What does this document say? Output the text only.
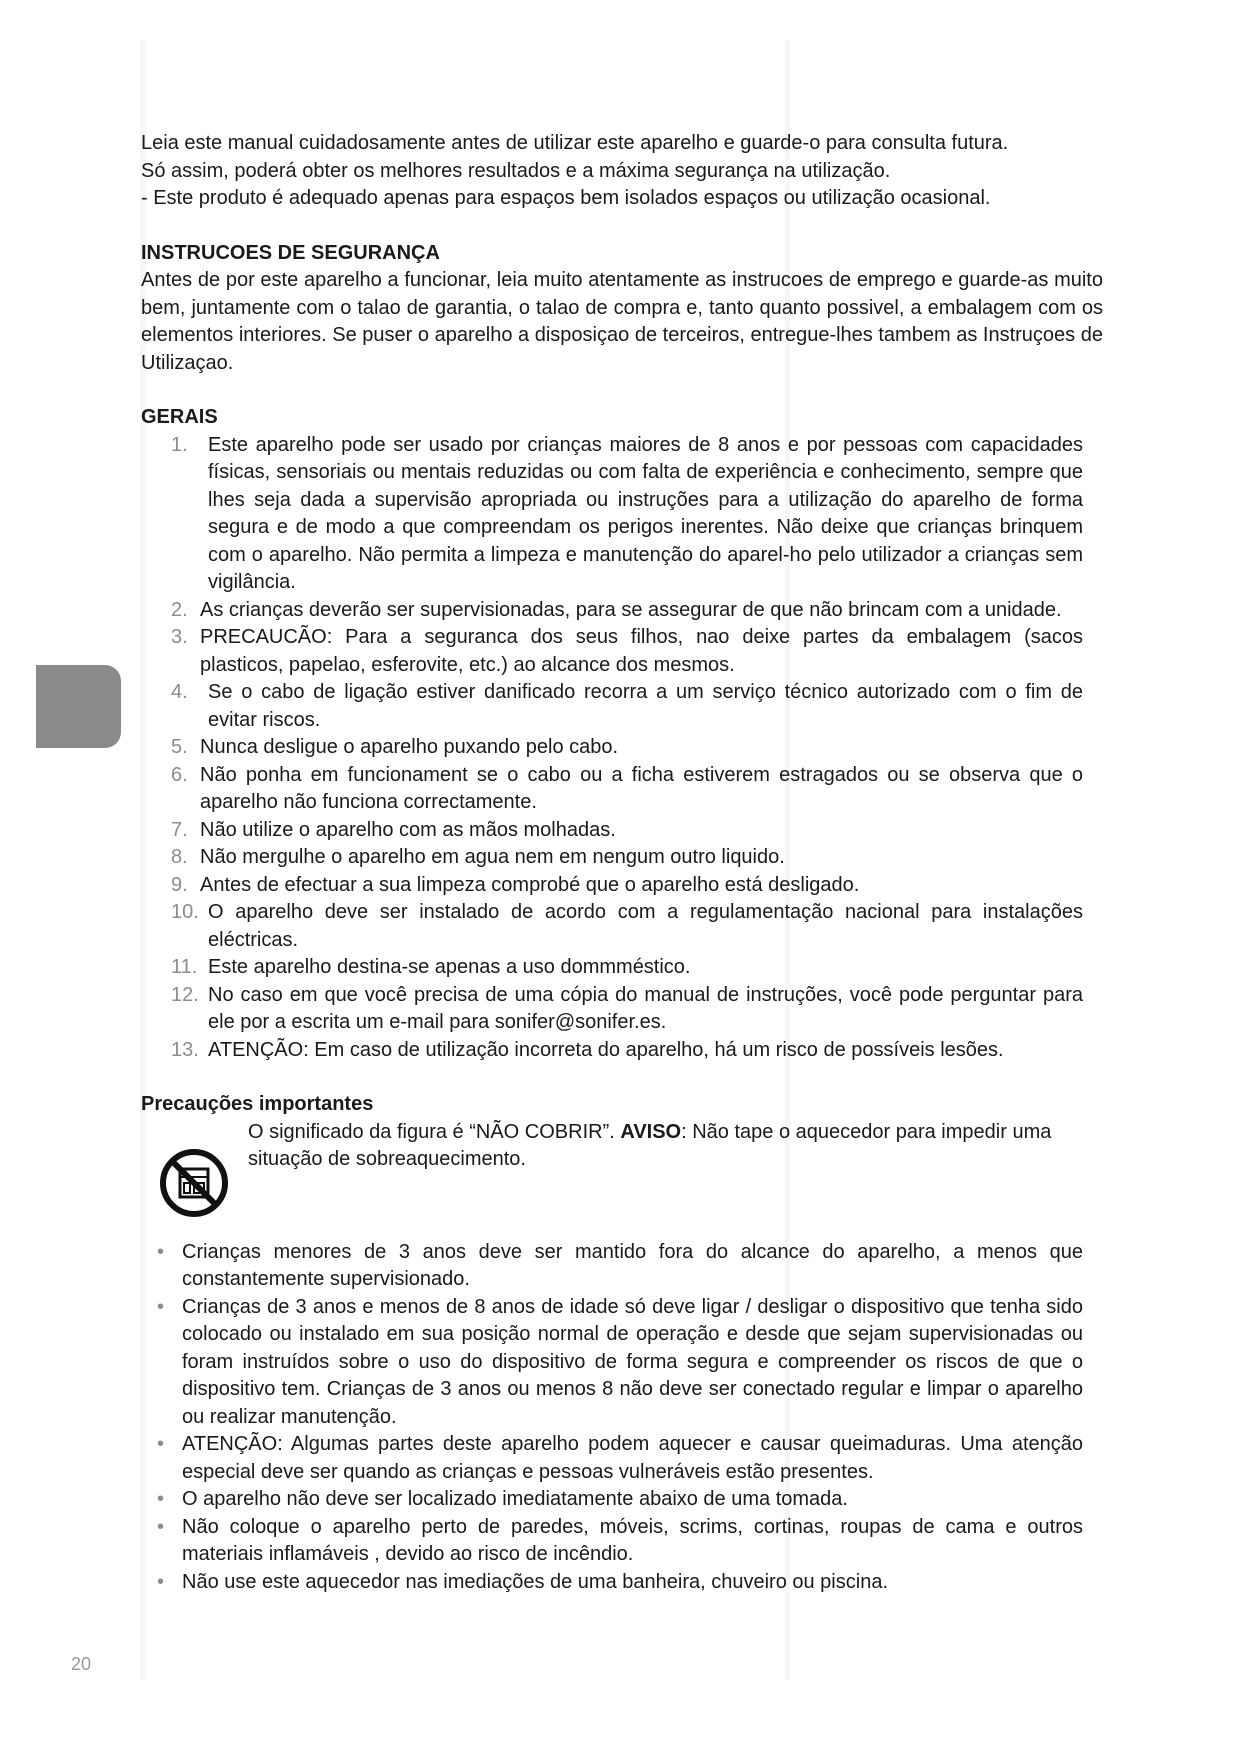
Leia este manual cuidadosamente antes de utilizar este aparelho e guarde-o para consulta futura.

Só assim, poderá obter os melhores resultados e a máxima segurança na utilização.

- Este produto é adequado apenas para espaços bem isolados espaços ou utilização ocasional.

INSTRUCOES DE SEGURANÇA

Antes de por este aparelho a funcionar, leia muito atentamente as instrucoes de emprego e guarde-as muito bem, juntamente com o talao de garantia, o talao de compra e, tanto quanto possivel, a embalagem com os elementos interiores. Se puser o aparelho a disposiçao de terceiros, entregue-lhes tambem as Instruçoes de Utilizaçao.

GERAIS

1. Este aparelho pode ser usado por crianças maiores de 8 anos e por pessoas com capacidades físicas, sensoriais ou mentais reduzidas ou com falta de experiência e conhecimento, sempre que lhes seja dada a supervisão apropriada ou instruções para a utilização do aparelho de forma segura e de modo a que compreendam os perigos inerentes. Não deixe que crianças brinquem com o aparelho. Não permita a limpeza e manutenção do aparel-ho pelo utilizador a crianças sem vigilância.
2. As crianças deverão ser supervisionadas, para se assegurar de que não brincam com a unidade.
3. PRECAUCÃO: Para a seguranca dos seus filhos, nao deixe partes da embalagem (sacos plasticos, papelao, esferovite, etc.) ao alcance dos mesmos.
4. Se o cabo de ligação estiver danificado recorra a um serviço técnico autorizado com o fim de evitar riscos.
5. Nunca desligue o aparelho puxando pelo cabo.
6. Não ponha em funcionament se o cabo ou a ficha estiverem estragados ou se observa que o aparelho não funciona correctamente.
7. Não utilize o aparelho com as mãos molhadas.
8. Não mergulhe o aparelho em agua nem em nengum outro liquido.
9. Antes de efectuar a sua limpeza comprobé que o aparelho está desligado.
10. O aparelho deve ser instalado de acordo com a regulamentação nacional para instalações eléctricas.
11. Este aparelho destina-se apenas a uso dommméstico.
12. No caso em que você precisa de uma cópia do manual de instruções, você pode perguntar para ele por a escrita um e-mail para sonifer@sonifer.es.
13. ATENÇÃO: Em caso de utilização incorreta do aparelho, há um risco de possíveis lesões.

Precauções importantes

O significado da figura é “NÃO COBRIR”. AVISO: Não tape o aquecedor para impedir uma situação de sobreaquecimento.
• Crianças menores de 3 anos deve ser mantido fora do alcance do aparelho, a menos que constantemente supervisionado.
• Crianças de 3 anos e menos de 8 anos de idade só deve ligar / desligar o dispositivo que tenha sido colocado ou instalado em sua posição normal de operação e desde que sejam supervisionadas ou foram instruídos sobre o uso do dispositivo de forma segura e compreender os riscos de que o dispositivo tem. Crianças de 3 anos ou menos 8 não deve ser conectado regular e limpar o aparelho ou realizar manutenção.
• ATENÇÃO: Algumas partes deste aparelho podem aquecer e causar queimaduras. Uma atenção especial deve ser quando as crianças e pessoas vulneráveis estão presentes.
• O aparelho não deve ser localizado imediatamente abaixo de uma tomada.
• Não coloque o aparelho perto de paredes, móveis, scrims, cortinas, roupas de cama e outros materiais inflamáveis , devido ao risco de incêndio.
• Não use este aquecedor nas imediações de uma banheira, chuveiro ou piscina.
20
